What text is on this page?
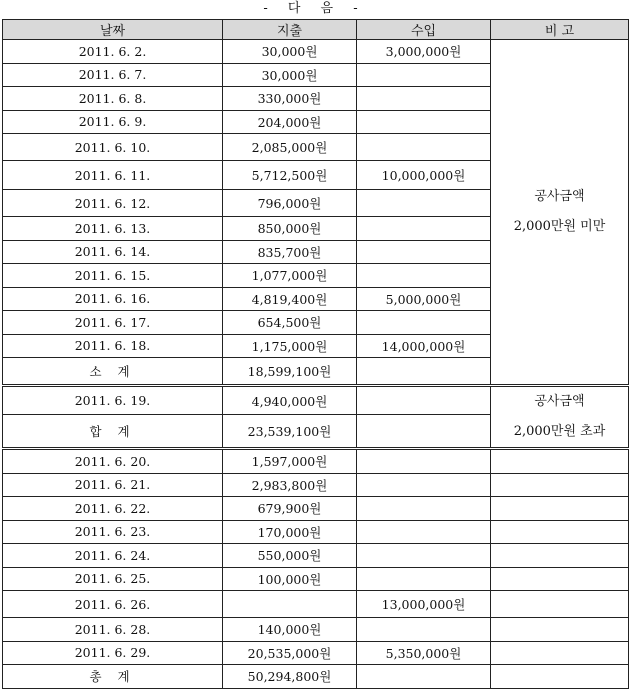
- 다 음 -
날짜	지출	수입	비 고
2011. 6. 2.	30,000원	3,000,000원	공사금액
2,000만원 미만

2011. 6. 7.	30,000원		
2011. 6. 8.	330,000원		
2011. 6. 9.	204,000원		
2011. 6. 10.	2,085,000원		
2011. 6. 11.	5,712,500원	10,000,000원	
2011. 6. 12.	796,000원		
2011. 6. 13.	850,000원		
2011. 6. 14.	835,700원		
2011. 6. 15.	1,077,000원		
2011. 6. 16.	4,819,400원	5,000,000원	
2011. 6. 17.	654,500원		
2011. 6. 18.	1,175,000원	14,000,000원	
소 계	18,599,100원		
2011. 6. 19.	4,940,000원		공사금액
2,000만원 초과

합 계	23,539,100원		
2011. 6. 20.	1,597,000원		
2011. 6. 21.	2,983,800원		
2011. 6. 22.	679,900원		
2011. 6. 23.	170,000원		
2011. 6. 24.	550,000원		
2011. 6. 25.	100,000원		
2011. 6. 26.		13,000,000원	
2011. 6. 28.	140,000원		
2011. 6. 29.	20,535,000원	5,350,000원	
총 계	50,294,800원		
